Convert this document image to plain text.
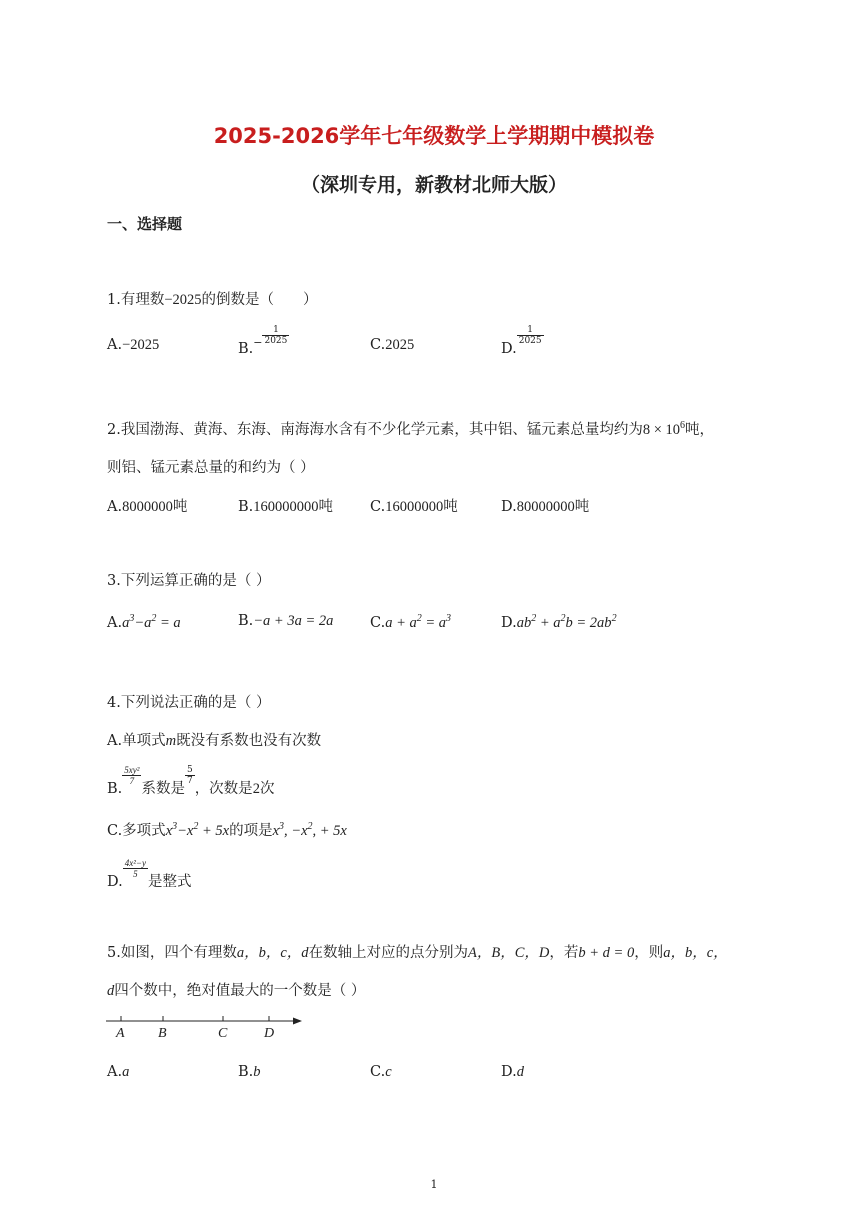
2025-2026学年七年级数学上学期期中模拟卷
（深圳专用，新教材北师大版）
一、选择题
1.有理数−2025的倒数是（　　）
A.−2025	$B._- \frac{1}{2025}$	C.2025	D.
$\frac{1}{2025}$
2.我国渤海、黄海、东海、南海海水含有不少化学元素，其中铝、锰元素总量均约为$8 \times 10^6$吨，
则铝、锰元素总量的和约为（ ）
A.8000000吨	B.160000000吨	C.16000000吨	D.80000000吨
3.下列运算正确的是（ ）
$A.a^3-a^2 = a$	B.−a + 3a = 2a	$C.a + a^2 = a^3$	$D.ab^2 + a^2b = 2ab^2$
4.下列说法正确的是（ ）
A.单项式m既没有系数也没有次数
B.
$\frac{\text{5xy²}}{7}$
系数是
$\frac{5}{7}$
，次数是2次
C.多项式$x^3-x^2 + 5x$的项是$x^3$, $-x^2$, + 5x
D.
$\frac{\text{4x²−y}}{5}$
是整式
5.如图，四个有理数a，b，c，d在数轴上对应的点分别为A，B，C，D，若b + d = 0，则a，b，c，
d四个数中，绝对值最大的一个数是（ ）
A B	C	D
A.a	B.b	C.c	D.d
1
